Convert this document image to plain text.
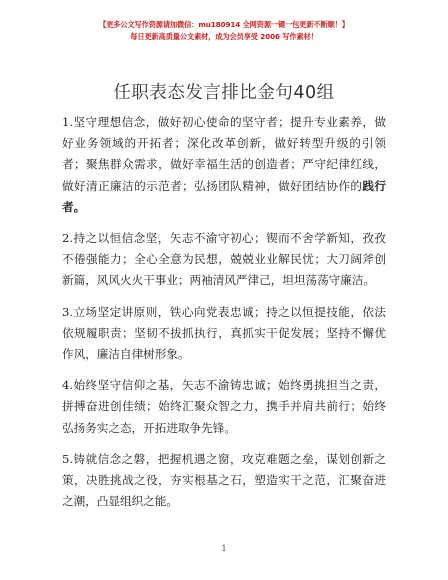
【更多公文写作资源请加微信：mu180914 全网资源一键一包更新不断顺！】
每日更新高质量公文素材，成为会员享受 2006 写作素材！
任职表态发言排比金句40组

1.坚守理想信念，做好初心使命的坚守者；提升专业素养，做好业务领域的开拓者；深化改革创新，做好转型升级的引领者；聚焦群众需求，做好幸福生活的创造者；严守纪律红线，做好清正廉洁的示范者；弘扬团队精神，做好团结协作的践行者。

2.持之以恒信念坚，矢志不渝守初心；锲而不舍学新知，孜孜不倦强能力；全心全意为民想，兢兢业业解民忧；大刀阔斧创新篇，风风火火干事业；两袖清风严律己，坦坦荡荡守廉洁。

3.立场坚定讲原则，铁心向党表忠诚；持之以恒提技能，依法依规履职责；坚韧不拔抓执行，真抓实干促发展；坚持不懈优作风，廉洁自律树形象。

4.始终坚守信仰之基，矢志不渝铸忠诚；始终勇挑担当之责，拼搏奋进创佳绩；始终汇聚众智之力，携手并肩共前行；始终弘扬务实之态，开拓进取争先锋。

5.铸就信念之磐，把握机遇之窗，攻克难题之垒，谋划创新之策，决胜挑战之役，夯实根基之石，塑造实干之范，汇聚奋进之潮，凸显组织之能。

1
